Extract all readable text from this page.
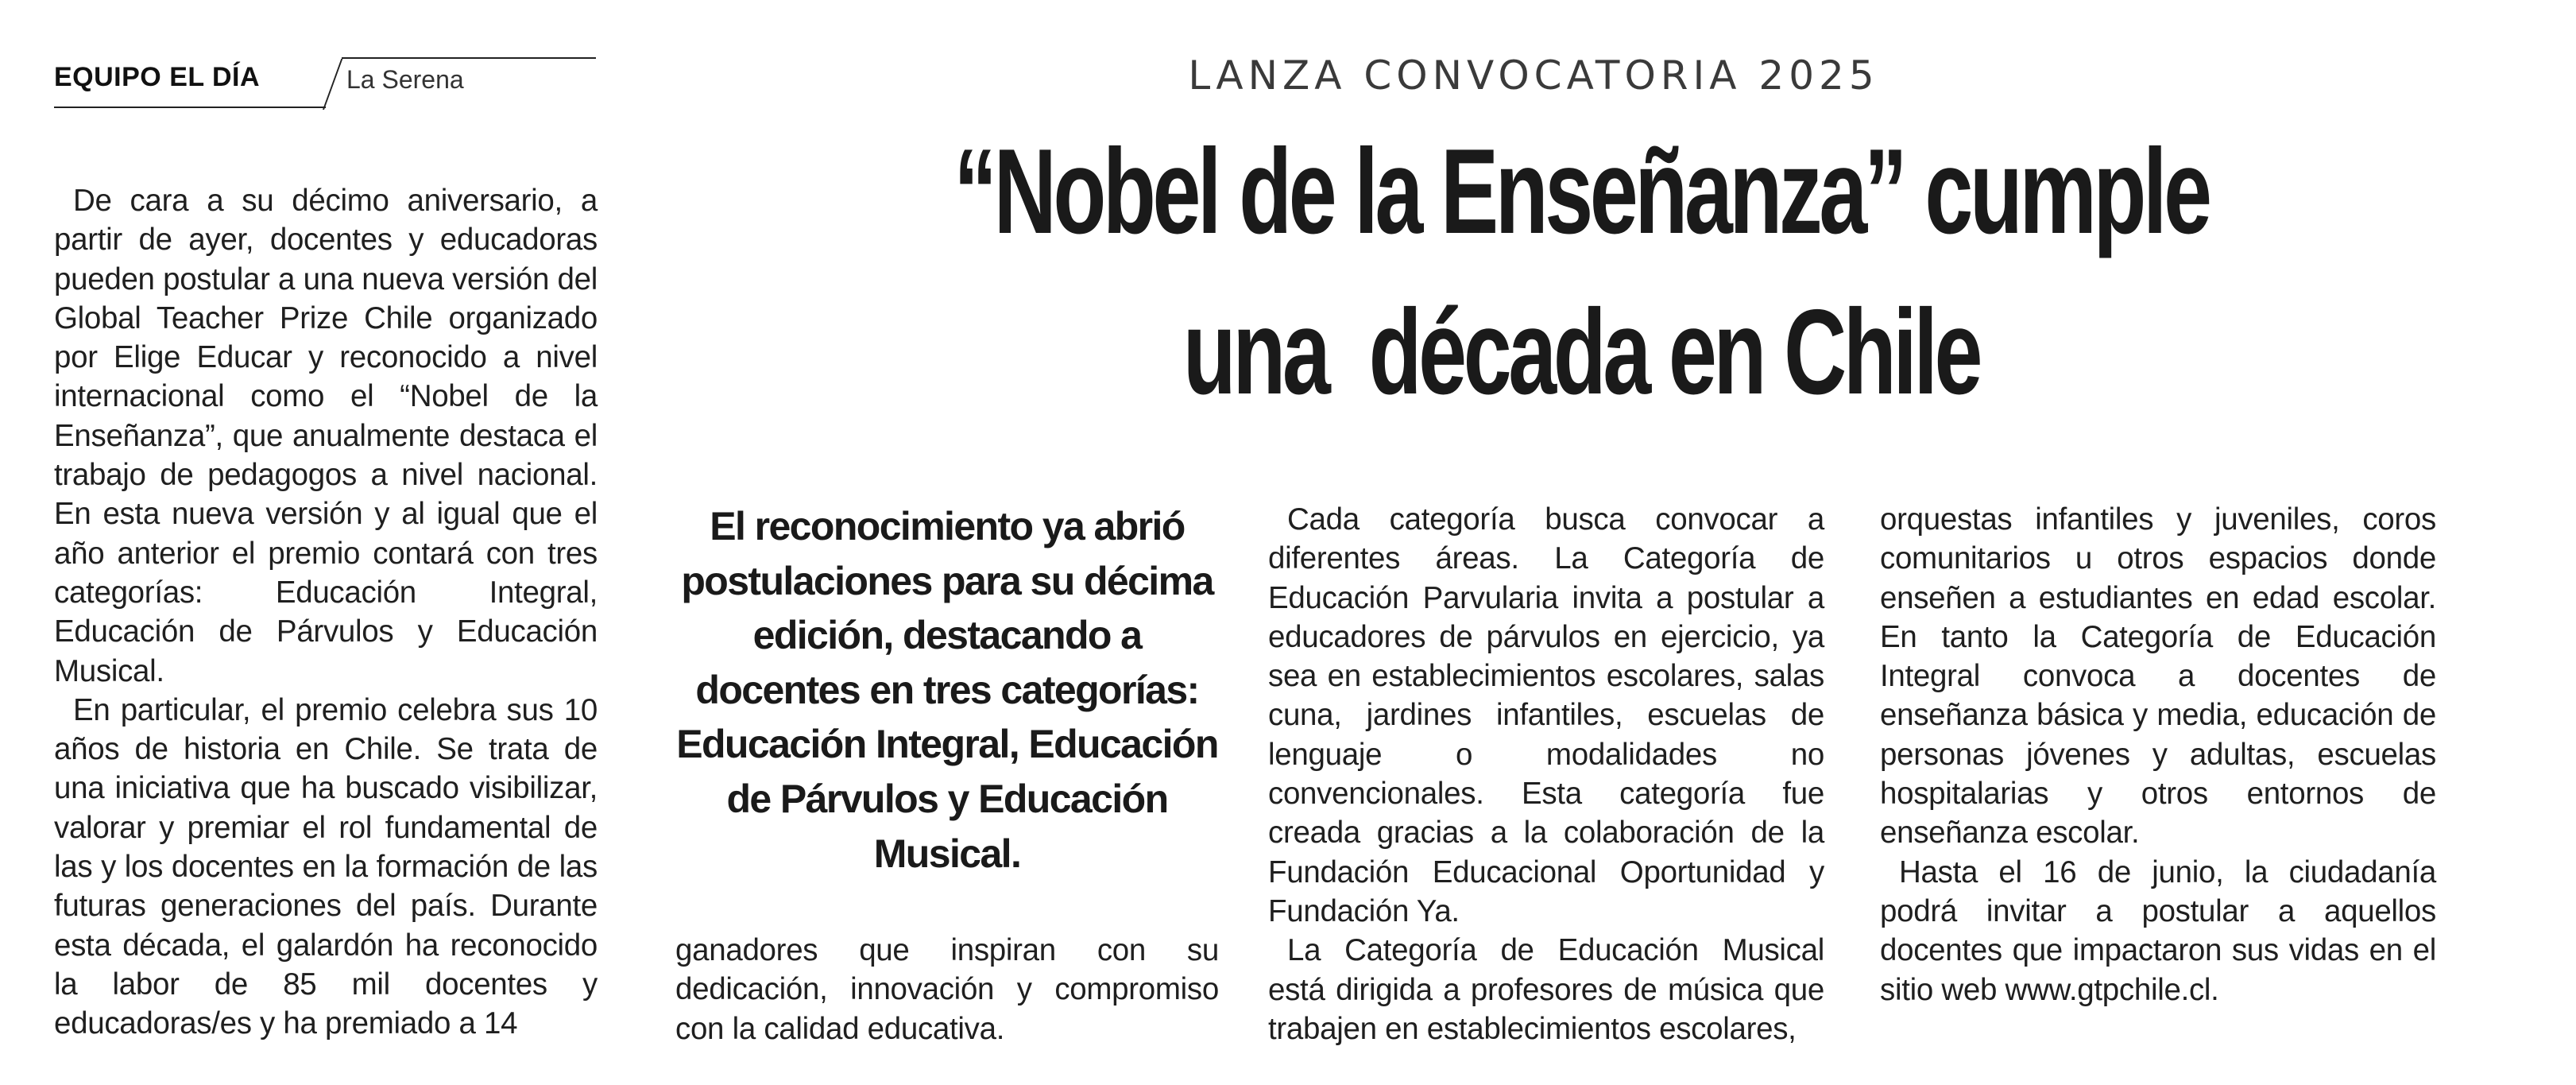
EQUIPO EL DÍA	La Serena	LANZA CONVOCATORIA 2025
“Nobel de la Enseñanza” cumple
una  década en Chile

De cara a su décimo aniversario, a partir de ayer, docentes y educadoras pueden postular a una nueva versión del Global Teacher Prize Chile organizado por Elige Educar y reconocido a nivel internacional como el “Nobel de la Enseñanza”, que anualmente destaca el trabajo de pedagogos a nivel nacional. En esta nueva versión y al igual que el año anterior el premio contará con tres categorías: Educación Integral, Educación de Párvulos y Educación Musical.

En particular, el premio celebra sus 10 años de historia en Chile. Se trata de una iniciativa que ha buscado visibilizar, valorar y premiar el rol fundamental de las y los docentes en la formación de las futuras generaciones del país. Durante esta década, el galardón ha reconocido la labor de 85 mil docentes y educadoras/es y ha premiado a 14

El reconocimiento ya abrió postulaciones para su décima edición, destacando a docentes en tres categorías: Educación Integral, Educación de Párvulos y Educación Musical.

ganadores que inspiran con su dedicación, innovación y compromiso con la calidad educativa.

Cada categoría busca convocar a diferentes áreas. La Categoría de Educación Parvularia invita a postular a educadores de párvulos en ejercicio, ya sea en establecimientos escolares, salas cuna, jardines infantiles, escuelas de lenguaje o modalidades no convencionales. Esta categoría fue creada gracias a la colaboración de la Fundación Educacional Oportunidad y Fundación Ya.

La Categoría de Educación Musical está dirigida a profesores de música que trabajen en establecimientos escolares,

orquestas infantiles y juveniles, coros comunitarios u otros espacios donde enseñen a estudiantes en edad escolar. En tanto la Categoría de Educación Integral convoca a docentes de enseñanza básica y media, educación de personas jóvenes y adultas, escuelas hospitalarias y otros entornos de enseñanza escolar.

Hasta el 16 de junio, la ciudadanía podrá invitar a postular a aquellos docentes que impactaron sus vidas en el sitio web www.gtpchile.cl.
